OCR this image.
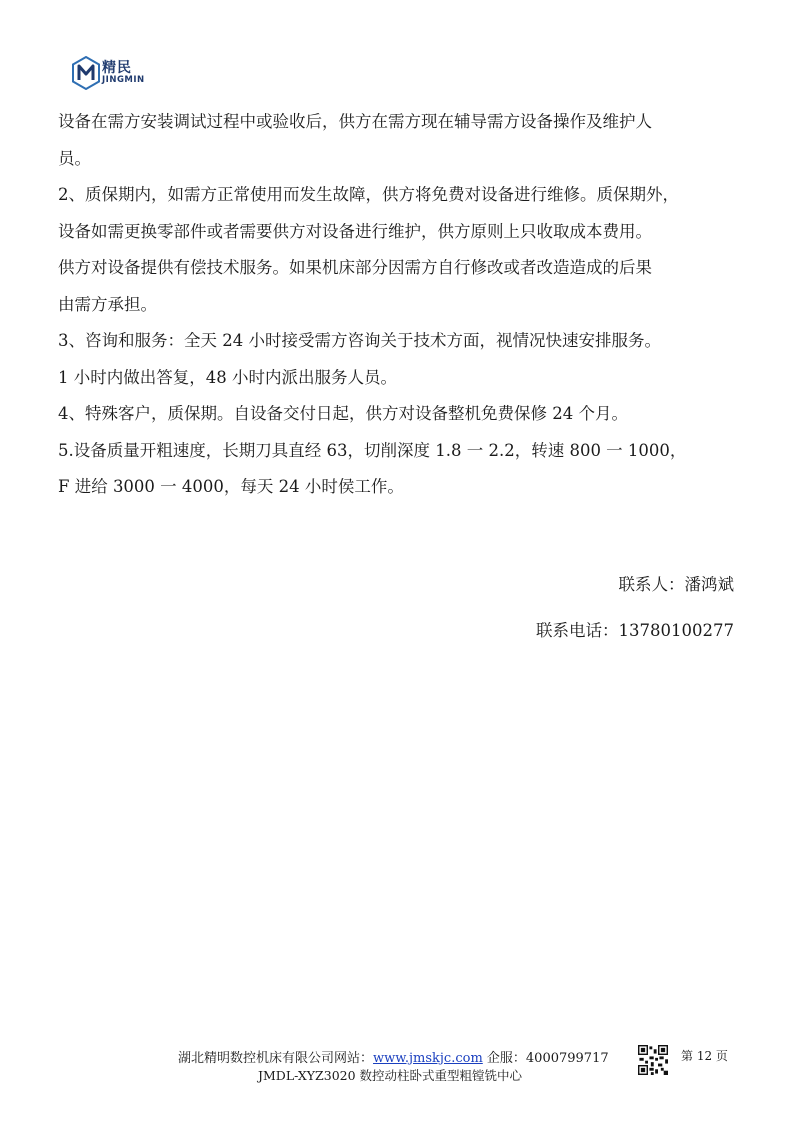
精民
JINGMIN
设备在需方安装调试过程中或验收后，供方在需方现在辅导需方设备操作及维护人
员。
2、质保期内，如需方正常使用而发生故障，供方将免费对设备进行维修。质保期外，
设备如需更换零部件或者需要供方对设备进行维护，供方原则上只收取成本费用。
供方对设备提供有偿技术服务。如果机床部分因需方自行修改或者改造造成的后果
由需方承担。
3、咨询和服务：全天 24 小时接受需方咨询关于技术方面，视情况快速安排服务。
1 小时内做出答复，48 小时内派出服务人员。
4、特殊客户，质保期。自设备交付日起，供方对设备整机免费保修 24 个月。
5.设备质量开粗速度，长期刀具直经 63，切削深度 1.8 一 2.2，转速 800 一 1000，
F 进给 3000 一 4000，每天 24 小时侯工作。
联系人：潘鸿斌
联系电话：13780100277
湖北精明数控机床有限公司网站：www.jmskjc.com 企服：4000799717
JMDL-XYZ3020 数控动柱卧式重型粗镗铣中心
第 12 页
